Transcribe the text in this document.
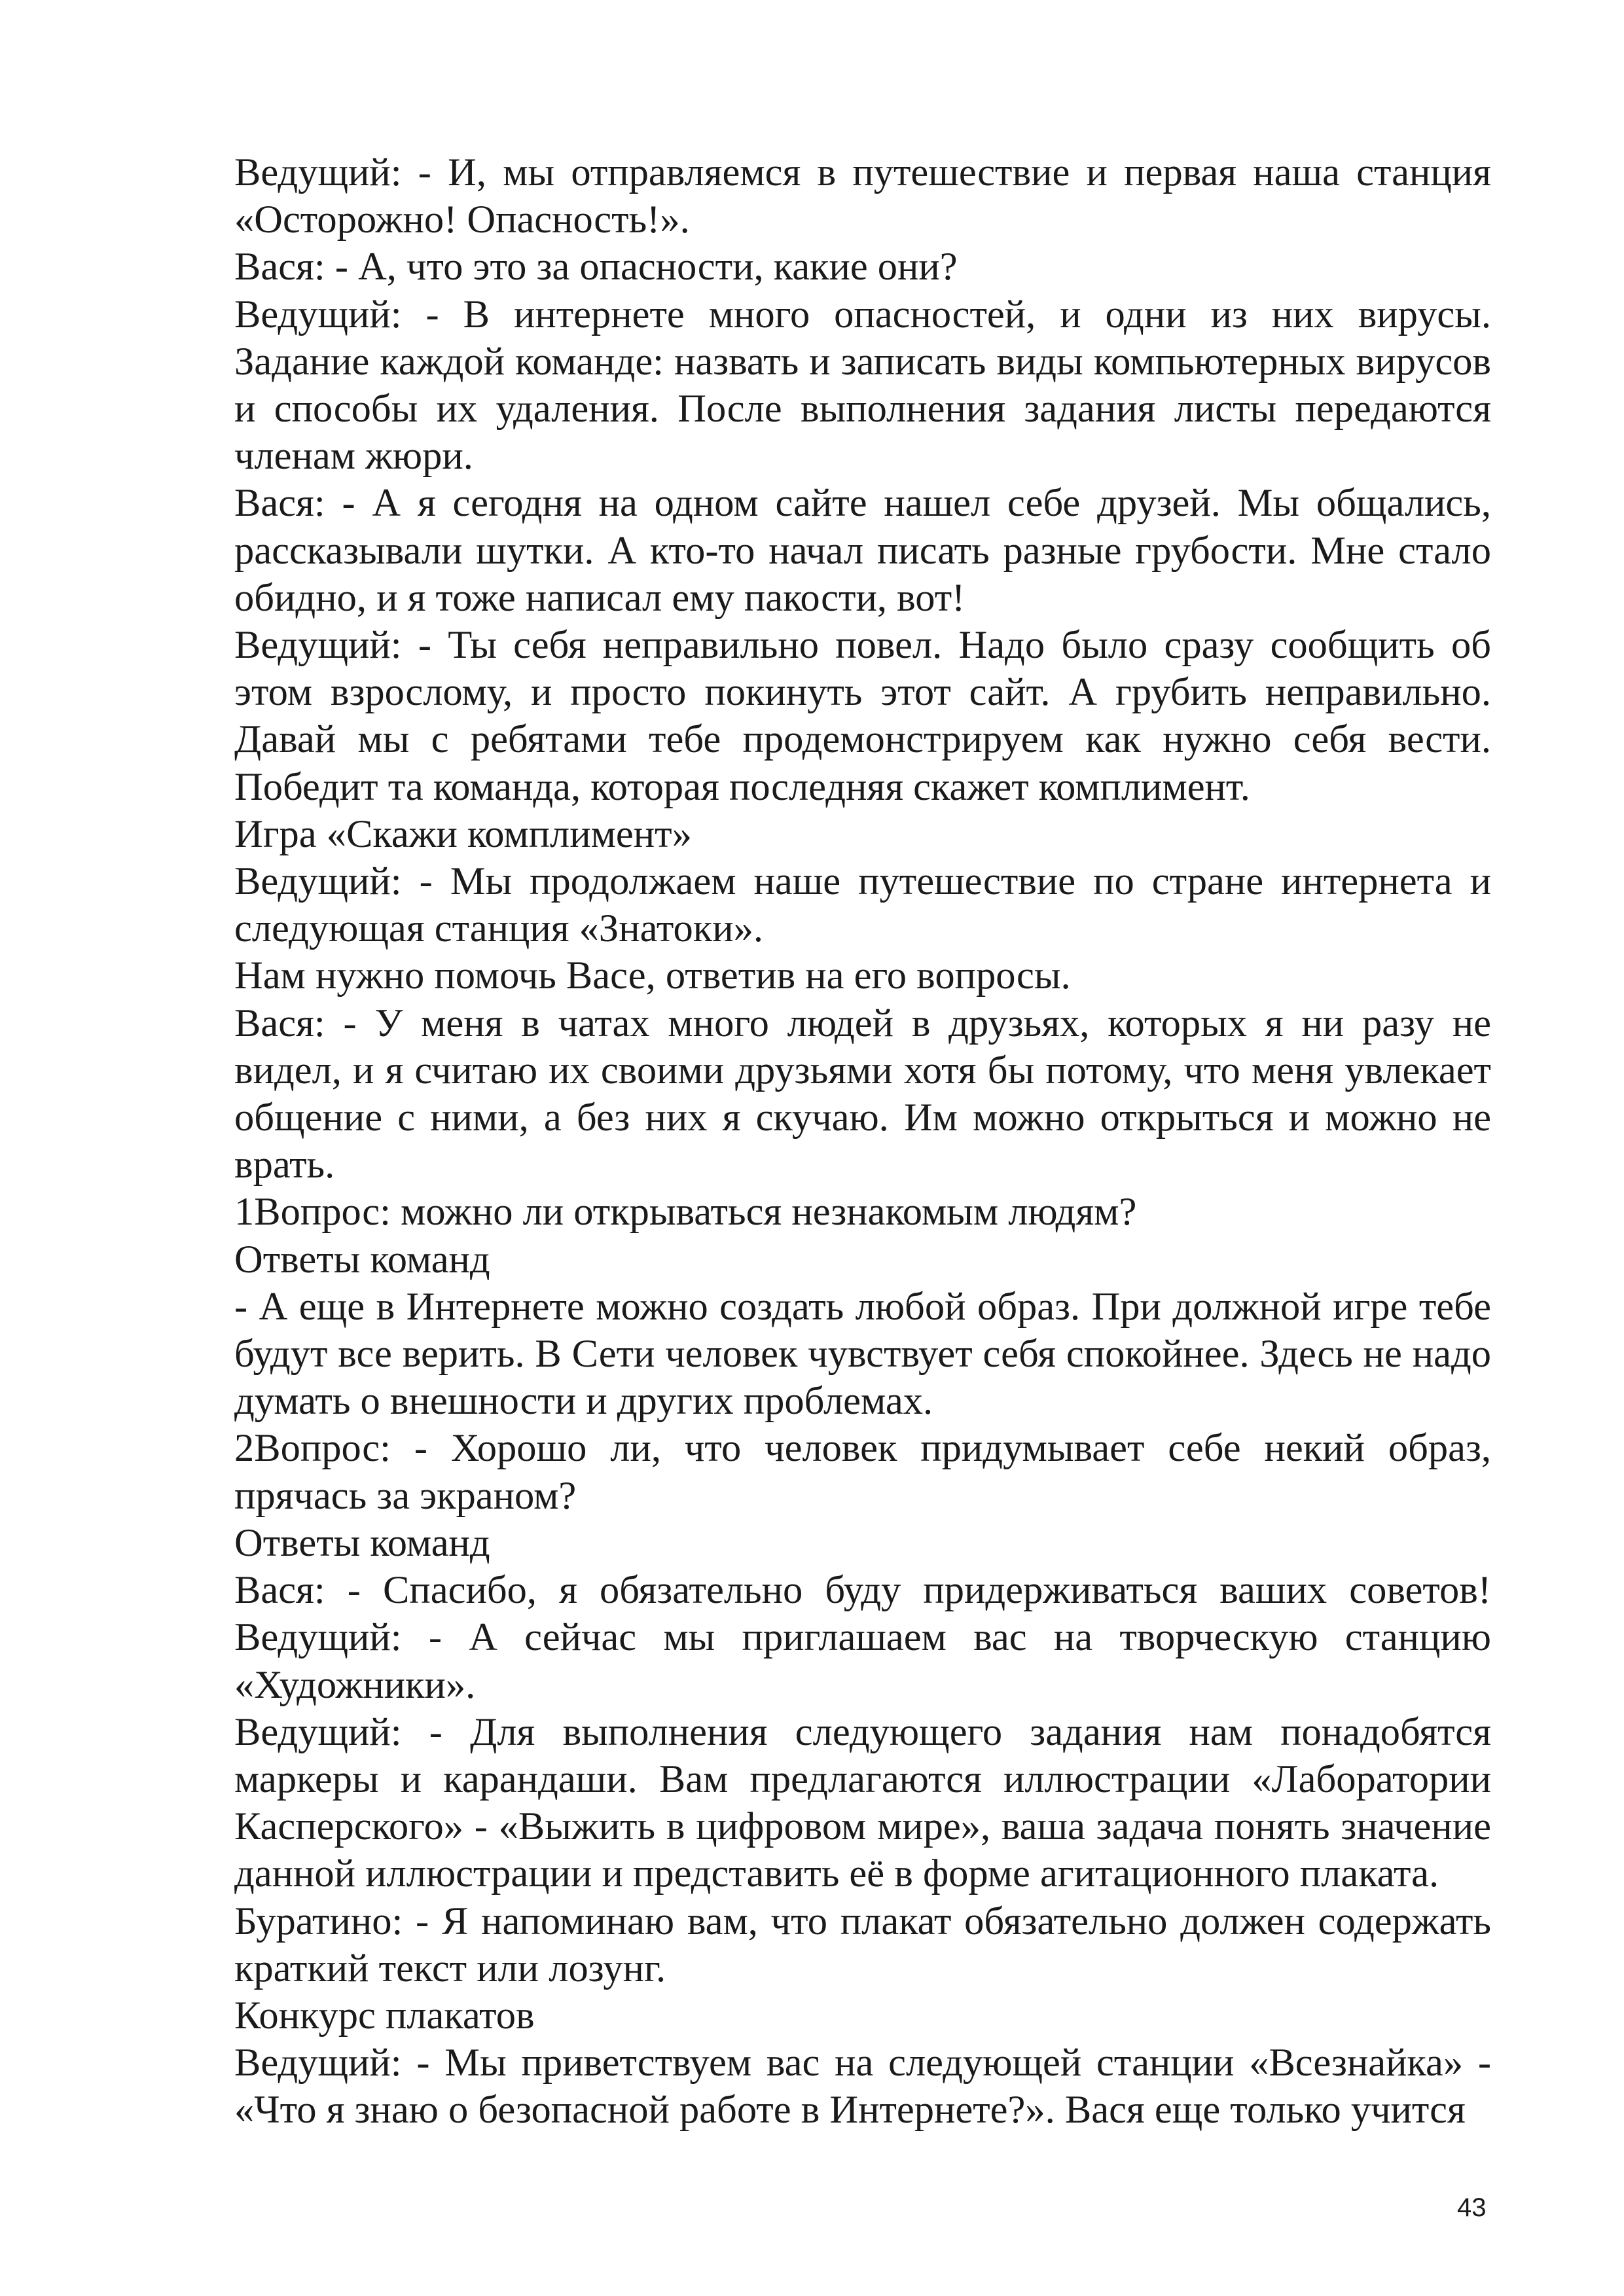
Ведущий: - И, мы отправляемся в путешествие и первая наша станция «Осторожно! Опасность!».

Вася: - А, что это за опасности, какие они?

Ведущий: - В интернете много опасностей, и одни из них вирусы. Задание каждой команде: назвать и записать виды компьютерных вирусов и способы их удаления. После выполнения задания листы передаются членам жюри.

Вася: - А я сегодня на одном сайте нашел себе друзей. Мы общались, рассказывали шутки. А кто-то начал писать разные грубости. Мне стало обидно, и я тоже написал ему пакости, вот!

Ведущий: - Ты себя неправильно повел. Надо было сразу сообщить об этом взрослому, и просто покинуть этот сайт. А грубить неправильно. Давай мы с ребятами тебе продемонстрируем как нужно себя вести. Победит та команда, которая последняя скажет комплимент.

Игра «Скажи комплимент»

Ведущий: - Мы продолжаем наше путешествие по стране интернета и следующая станция «Знатоки».

Нам нужно помочь Васе, ответив на его вопросы.

Вася: - У меня в чатах много людей в друзьях, которых я ни разу не видел, и я считаю их своими друзьями хотя бы потому, что меня увлекает общение с ними, а без них я скучаю. Им можно открыться и можно не врать.

1Вопрос: можно ли открываться незнакомым людям?

Ответы команд

- А еще в Интернете можно создать любой образ. При должной игре тебе будут все верить. В Сети человек чувствует себя спокойнее. Здесь не надо думать о внешности и других проблемах.

2Вопрос: - Хорошо ли, что человек придумывает себе некий образ, прячась за экраном?

Ответы команд

Вася: - Спасибо, я обязательно буду придерживаться ваших советов! Ведущий: - А сейчас мы приглашаем вас на творческую станцию «Художники».

Ведущий: - Для выполнения следующего задания нам понадобятся маркеры и карандаши. Вам предлагаются иллюстрации «Лаборатории Касперского» - «Выжить в цифровом мире», ваша задача понять значение данной иллюстрации и представить её в форме агитационного плаката.

Буратино: - Я напоминаю вам, что плакат обязательно должен содержать краткий текст или лозунг.

Конкурс плакатов

Ведущий: - Мы приветствуем вас на следующей станции «Всезнайка» - «Что я знаю о безопасной работе в Интернете?». Вася еще только учится

43
